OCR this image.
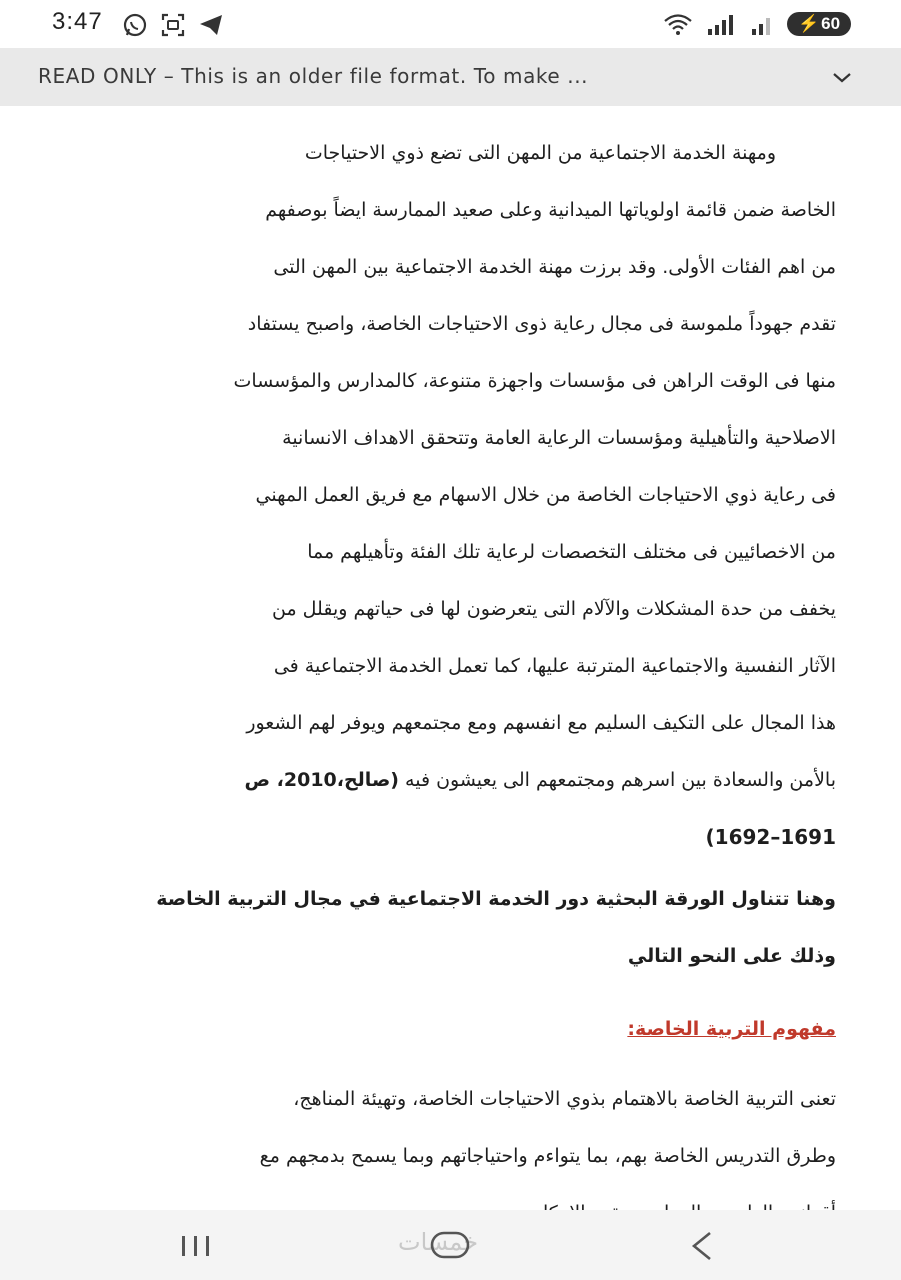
3:47	⚡ 60
READ ONLY – This is an older file format. To make ...
ومهنة الخدمة الاجتماعية من المهن التى تضع ذوي الاحتياجات
الخاصة ضمن قائمة اولوياتها الميدانية وعلى صعيد الممارسة ايضاً بوصفهم
من اهم الفئات الأولى. وقد برزت مهنة الخدمة الاجتماعية بين المهن التى
تقدم جهوداً ملموسة فى مجال رعاية ذوى الاحتياجات الخاصة، واصبح يستفاد
منها فى الوقت الراهن فى مؤسسات واجهزة متنوعة، كالمدارس والمؤسسات
الاصلاحية والتأهيلية ومؤسسات الرعاية العامة وتتحقق الاهداف الانسانية
فى رعاية ذوي الاحتياجات الخاصة من خلال الاسهام مع فريق العمل المهني
من الاخصائيين فى مختلف التخصصات لرعاية تلك الفئة وتأهيلهم مما
يخفف من حدة المشكلات والآلام التى يتعرضون لها فى حياتهم ويقلل من
الآثار النفسية والاجتماعية المترتبة عليها، كما تعمل الخدمة الاجتماعية فى
هذا المجال على التكيف السليم مع انفسهم ومع مجتمعهم ويوفر لهم الشعور
بالأمن والسعادة بين اسرهم ومجتمعهم الى يعيشون فيه (صالح،2010، ص
1691–1692)
وهنا تتناول الورقة البحثية دور الخدمة الاجتماعية في مجال التربية الخاصة
وذلك على النحو التالي
مفهوم التربية الخاصة:
تعنى التربية الخاصة بالاهتمام بذوي الاحتياجات الخاصة، وتهيئة المناهج،
وطرق التدريس الخاصة بهم، بما يتواءم واحتياجاتهم وبما يسمح بدمجهم مع
خمسات
